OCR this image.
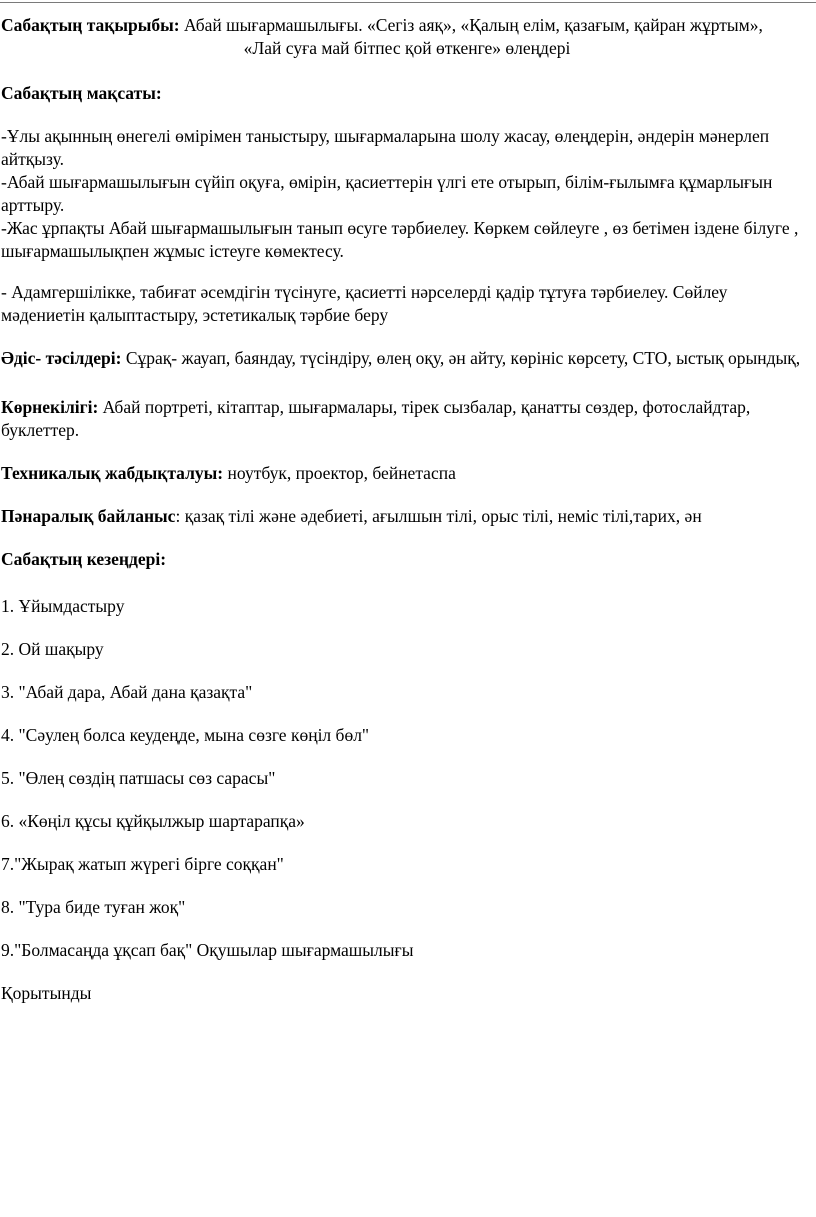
Сабақтың тақырыбы: Абай шығармашылығы. «Сегіз аяқ», «Қалың елім, қазағым, қайран жұртым»,

«Лай суға май бітпес қой өткенге» өлеңдері

Сабақтың мақсаты:

-Ұлы ақынның өнегелі өмірімен таныстыру, шығармаларына шолу жасау, өлеңдерін, әндерін мәнерлеп айтқызу.

-Абай шығармашылығын сүйіп оқуға, өмірін, қасиеттерін үлгі ете отырып, білім-ғылымға құмарлығын арттыру.

-Жас ұрпақты Абай шығармашылығын танып өсуге тәрбиелеу. Көркем сөйлеуге , өз бетімен іздене білуге , шығармашылықпен жұмыс істеуге көмектесу.

- Адамгершілікке, табиғат әсемдігін түсінуге, қасиетті нәрселерді қадір тұтуға тәрбиелеу. Сөйлеу мәдениетін қалыптастыру, эстетикалық тәрбие беру

Әдіс- тәсілдері: Сұрақ- жауап, баяндау, түсіндіру, өлең оқу, ән айту, көрініс көрсету, СТО, ыстық орындық,

Көрнекілігі: Абай портреті, кітаптар, шығармалары, тірек сызбалар, қанатты сөздер, фотослайдтар, буклеттер.

Техникалық жабдықталуы: ноутбук, проектор, бейнетаспа

Пәнаралық байланыс: қазақ тілі және әдебиеті, ағылшын тілі, орыс тілі, неміс тілі,тарих, ән

Сабақтың кезеңдері:

1. Ұйымдастыру
2. Ой шақыру
3. "Абай дара, Абай дана қазақта"
4. "Сәулең болса кеудеңде, мына сөзге көңіл бөл"
5. "Өлең сөздің патшасы сөз сарасы"
6. «Көңіл құсы құйқылжыр шартарапқа»
7."Жырақ жатып жүрегі бірге соққан"
8. "Тура биде туған жоқ"
9."Болмасаңда ұқсап бақ" Оқушылар шығармашылығы

Қорытынды
